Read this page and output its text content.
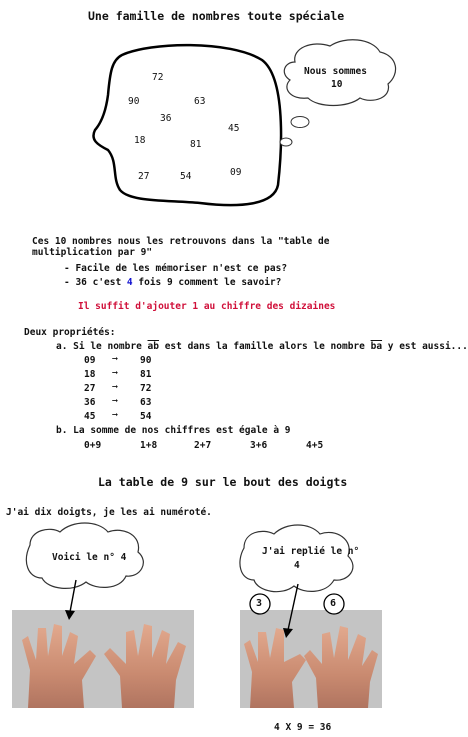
Une famille de nombres toute spéciale
72
90	63
36
45
18	81
27	54	09
Nous sommes
10
Ces 10 nombres nous les retrouvons dans la "table de multiplication par 9"
- Facile de les mémoriser n'est ce pas?
- 36 c'est 4 fois 9 comment le savoir?
Il suffit d'ajouter 1 au chiffre des dizaines
Deux propriétés:
a. Si le nombre $\overline{ab}$ est dans la famille alors le nombre $\overline{ba}$ y est aussi...
09 ➞ 90
18 ➞ 81
27 ➞ 72
36 ➞ 63
45 ➞ 54
b. La somme de nos chiffres est égale à 9
0+9	1+8	2+7	3+6	4+5
La table de 9 sur le bout des doigts
J'ai dix doigts, je les ai numéroté.
Voici le n° 4
J'ai replié le n°
4
3	6
4 X 9 = 36
